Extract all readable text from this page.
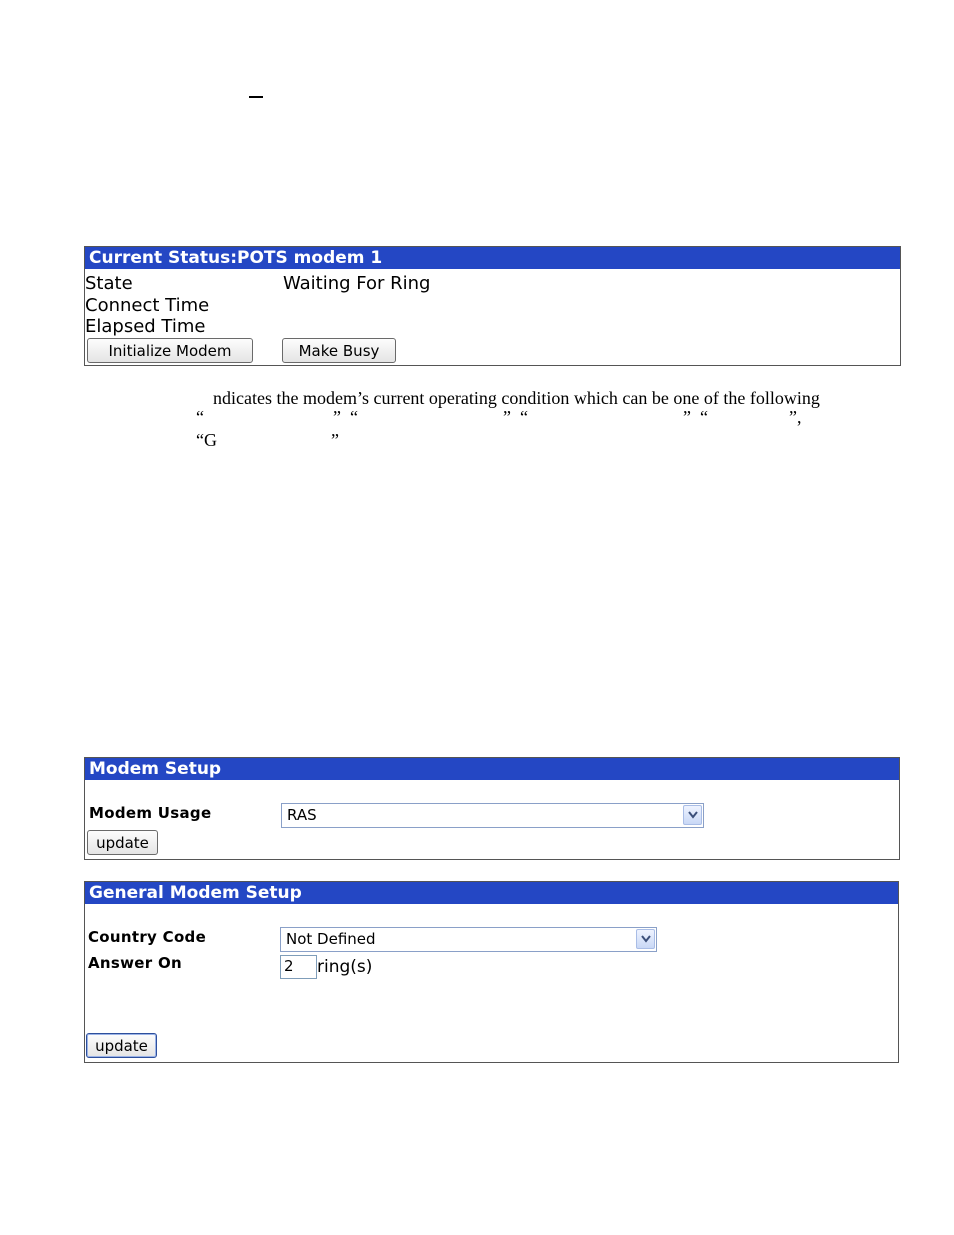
Current Status:POTS modem 1
State	Waiting For Ring
Connect Time
Elapsed Time
Initialize Modem	Make Busy
ndicates the modem’s current operating condition which can be one of the following
“	” “	” “	” “	”,
“G	”
Modem Setup
Modem Usage	RAS
update
General Modem Setup
Country Code	Not Defined
Answer On	2	ring(s)
update
